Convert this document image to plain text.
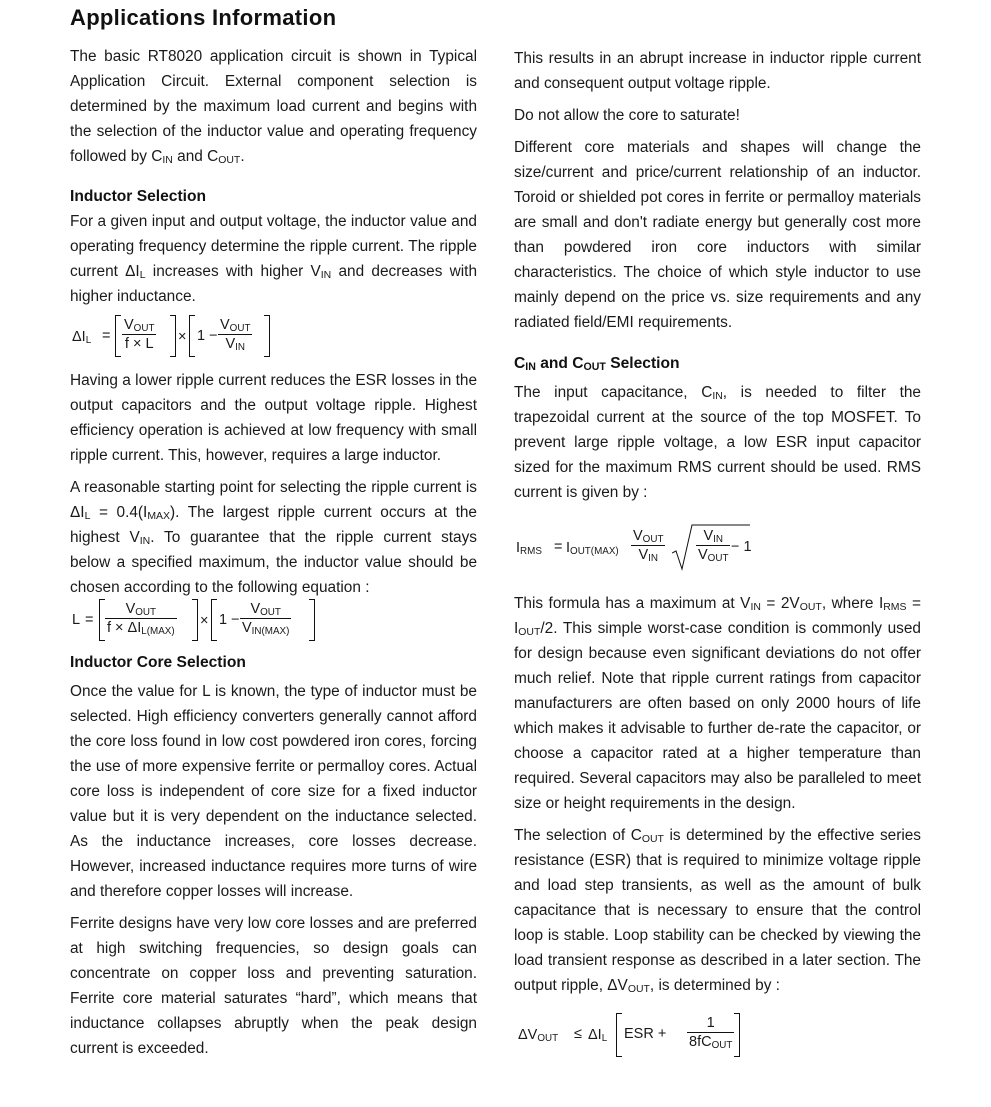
Applications Information

The basic RT8020 application circuit is shown in Typical Application Circuit. External component selection is determined by the maximum load current and begins with the selection of the inductor value and operating frequency followed by $C_{IN}$ and $C_{OUT}$.

Inductor Selection

For a given input and output voltage, the inductor value and operating frequency determine the ripple current. The ripple current $\Delta I_L$ increases with higher $V_{IN}$ and decreases with higher inductance.

$\Delta I_L$ =
$V_{OUT}$
f × L × 1 −
$V_{OUT}$
$V_{IN}$

Having a lower ripple current reduces the ESR losses in the output capacitors and the output voltage ripple. Highest efficiency operation is achieved at low frequency with small ripple current. This, however, requires a large inductor.

A reasonable starting point for selecting the ripple current is $\Delta I_L = 0.4(I_{MAX})$. The largest ripple current occurs at the highest $V_{IN}$. To guarantee that the ripple current stays below a specified maximum, the inductor value should be chosen according to the following equation :

L =
$V_{OUT}$
$f \times \Delta I_{L(MAX)}$
× 1 −
$V_{OUT}$
$V_{IN(MAX)}$
Inductor Core Selection

Once the value for L is known, the type of inductor must be selected. High efficiency converters generally cannot afford the core loss found in low cost powdered iron cores, forcing the use of more expensive ferrite or permalloy cores. Actual core loss is independent of core size for a fixed inductor value but it is very dependent on the inductance selected. As the inductance increases, core losses decrease. However, increased inductance requires more turns of wire and therefore copper losses will increase.

Ferrite designs have very low core losses and are preferred at high switching frequencies, so design goals can concentrate on copper loss and preventing saturation. Ferrite core material saturates “hard”, which means that inductance collapses abruptly when the peak design current is exceeded.

This results in an abrupt increase in inductor ripple current and consequent output voltage ripple.

Do not allow the core to saturate!

Different core materials and shapes will change the size/current and price/current relationship of an inductor. Toroid or shielded pot cores in ferrite or permalloy materials are small and don't radiate energy but generally cost more than powdered iron core inductors with similar characteristics. The choice of which style inductor to use mainly depend on the price vs. size requirements and any radiated field/EMI requirements.

$C_{IN}$ and $C_{OUT}$ Selection

The input capacitance, $C_{IN}$, is needed to filter the trapezoidal current at the source of the top MOSFET. To prevent large ripple voltage, a low ESR input capacitor sized for the maximum RMS current should be used. RMS current is given by :

$I_{RMS} = I_{OUT(MAX)}$
$V_{OUT}$
$V_{IN}$
$V_{IN}$
$V_{OUT}$
− 1

This formula has a maximum at $V_{IN} = 2V_{OUT}$, where $I_{RMS} = I_{OUT}/2$. This simple worst-case condition is commonly used for design because even significant deviations do not offer much relief. Note that ripple current ratings from capacitor manufacturers are often based on only 2000 hours of life which makes it advisable to further de-rate the capacitor, or choose a capacitor rated at a higher temperature than required. Several capacitors may also be paralleled to meet size or height requirements in the design.

The selection of $C_{OUT}$ is determined by the effective series resistance (ESR) that is required to minimize voltage ripple and load step transients, as well as the amount of bulk capacitance that is necessary to ensure that the control loop is stable. Loop stability can be checked by viewing the load transient response as described in a later section. The output ripple, $\Delta V_{OUT}$, is determined by :

$\Delta V_{OUT} \le \Delta I_L$ ESR +
1
$8fC_{OUT}$
